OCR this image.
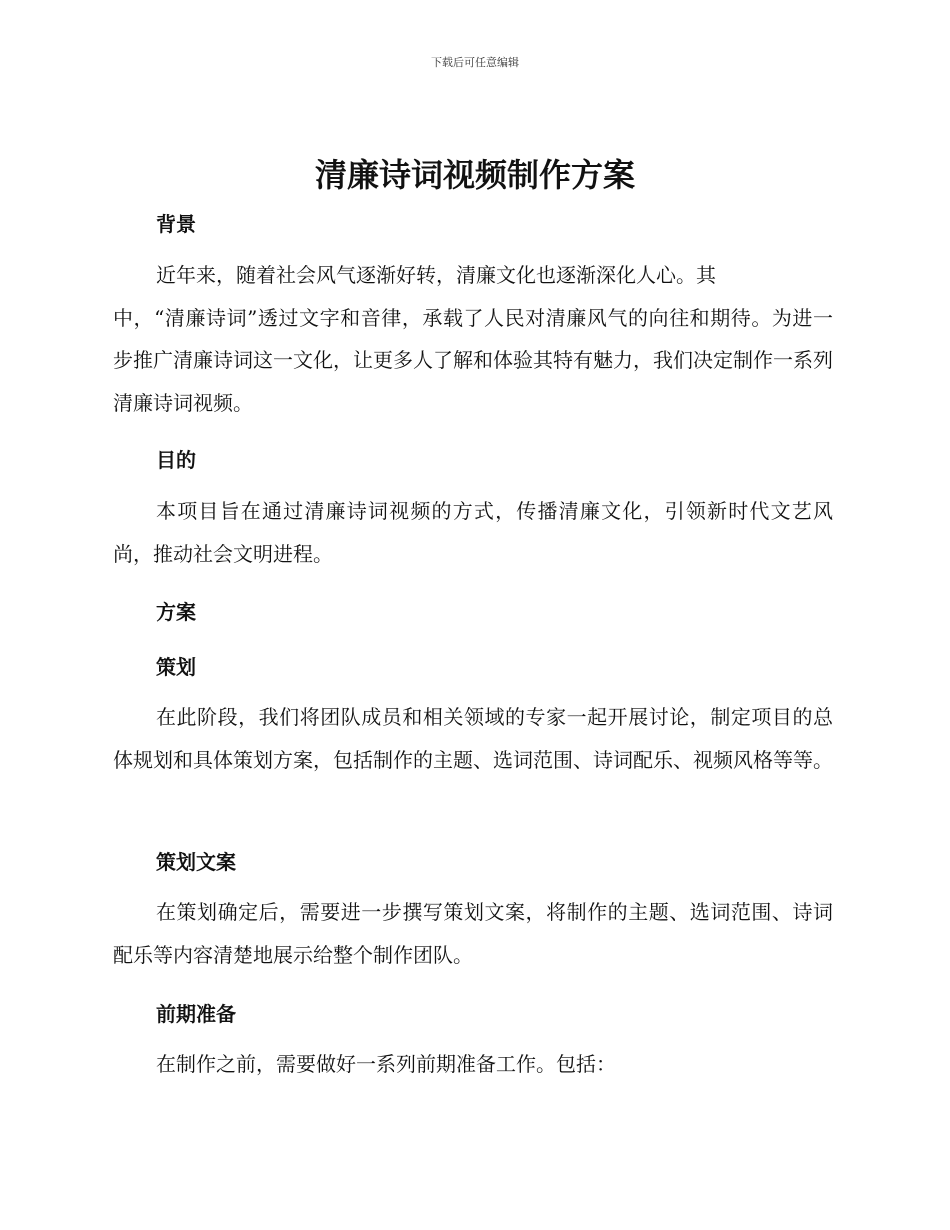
下载后可任意编辑
清廉诗词视频制作方案
背景

近年来，随着社会风气逐渐好转，清廉文化也逐渐深化人心。其
中，“清廉诗词”透过文字和音律，承载了人民对清廉风气的向往和期待。为进一步推广清廉诗词这一文化，让更多人了解和体验其特有魅力，我们决定制作一系列清廉诗词视频。

目的

本项目旨在通过清廉诗词视频的方式，传播清廉文化，引领新时代文艺风尚，推动社会文明进程。

方案
策划

在此阶段，我们将团队成员和相关领域的专家一起开展讨论，制定项目的总体规划和具体策划方案，包括制作的主题、选词范围、诗词配乐、视频风格等等。

策划文案

在策划确定后，需要进一步撰写策划文案，将制作的主题、选词范围、诗词配乐等内容清楚地展示给整个制作团队。

前期准备

在制作之前，需要做好一系列前期准备工作。包括：
